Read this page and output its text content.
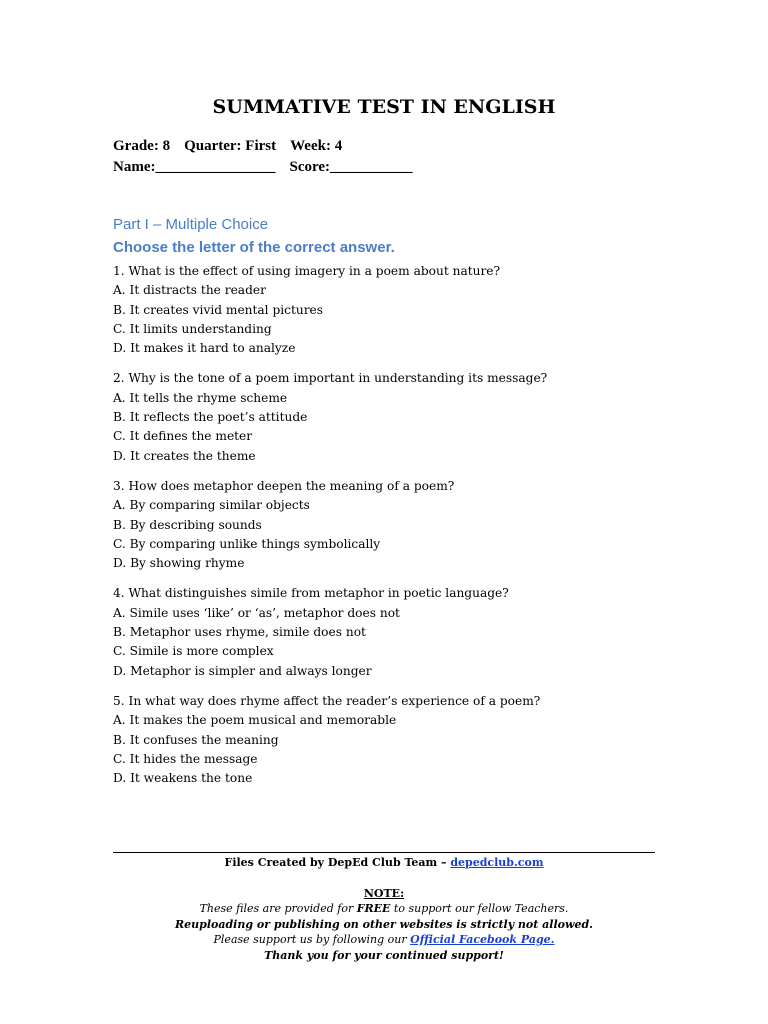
SUMMATIVE TEST IN ENGLISH
Grade: 8 Quarter: First Week: 4
Name:________________ Score:___________
Part I – Multiple Choice
Choose the letter of the correct answer.
1. What is the effect of using imagery in a poem about nature?
A. It distracts the reader
B. It creates vivid mental pictures
C. It limits understanding
D. It makes it hard to analyze
2. Why is the tone of a poem important in understanding its message?
A. It tells the rhyme scheme
B. It reflects the poet’s attitude
C. It defines the meter
D. It creates the theme
3. How does metaphor deepen the meaning of a poem?
A. By comparing similar objects
B. By describing sounds
C. By comparing unlike things symbolically
D. By showing rhyme
4. What distinguishes simile from metaphor in poetic language?
A. Simile uses ‘like’ or ‘as’, metaphor does not
B. Metaphor uses rhyme, simile does not
C. Simile is more complex
D. Metaphor is simpler and always longer
5. In what way does rhyme affect the reader’s experience of a poem?
A. It makes the poem musical and memorable
B. It confuses the meaning
C. It hides the message
D. It weakens the tone
Files Created by DepEd Club Team – depedclub.com
NOTE:
These files are provided for FREE to support our fellow Teachers.
Reuploading or publishing on other websites is strictly not allowed.
Please support us by following our Official Facebook Page.
Thank you for your continued support!
